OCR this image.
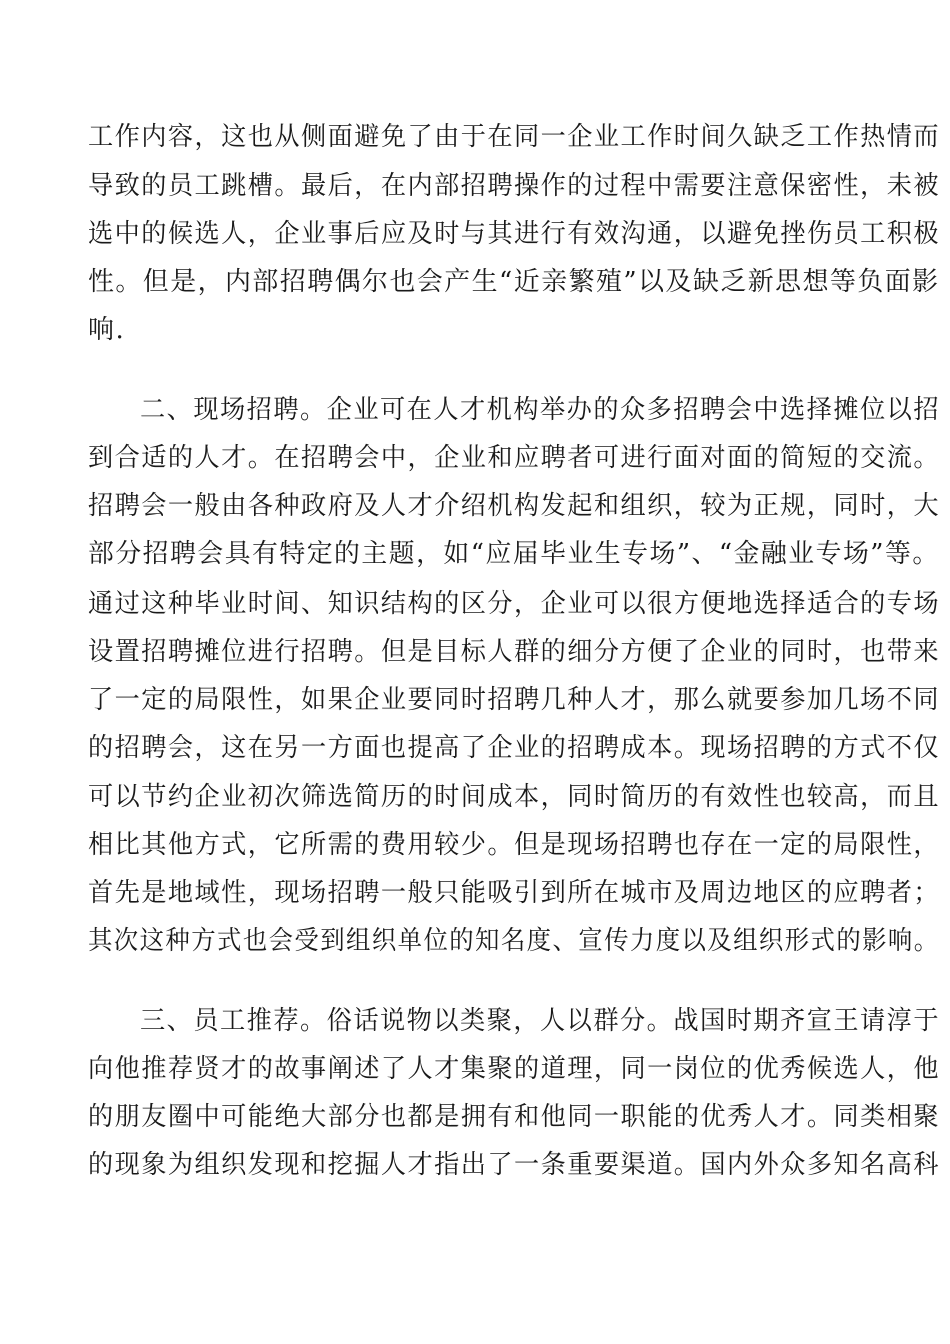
工作内容，这也从侧面避免了由于在同一企业工作时间久缺乏工作热情而
导致的员工跳槽。最后，在内部招聘操作的过程中需要注意保密性，未被
选中的候选人，企业事后应及时与其进行有效沟通，以避免挫伤员工积极
性。但是，内部招聘偶尔也会产生“近亲繁殖”以及缺乏新思想等负面影
响.
二、现场招聘。企业可在人才机构举办的众多招聘会中选择摊位以招
到合适的人才。在招聘会中，企业和应聘者可进行面对面的简短的交流。
招聘会一般由各种政府及人才介绍机构发起和组织，较为正规，同时，大
部分招聘会具有特定的主题，如“应届毕业生专场”、“金融业专场”等。
通过这种毕业时间、知识结构的区分，企业可以很方便地选择适合的专场
设置招聘摊位进行招聘。但是目标人群的细分方便了企业的同时，也带来
了一定的局限性，如果企业要同时招聘几种人才，那么就要参加几场不同
的招聘会，这在另一方面也提高了企业的招聘成本。现场招聘的方式不仅
可以节约企业初次筛选简历的时间成本，同时简历的有效性也较高，而且
相比其他方式，它所需的费用较少。但是现场招聘也存在一定的局限性，
首先是地域性，现场招聘一般只能吸引到所在城市及周边地区的应聘者；
其次这种方式也会受到组织单位的知名度、宣传力度以及组织形式的影响。
三、员工推荐。俗话说物以类聚，人以群分。战国时期齐宣王请淳于
向他推荐贤才的故事阐述了人才集聚的道理，同一岗位的优秀候选人，他
的朋友圈中可能绝大部分也都是拥有和他同一职能的优秀人才。同类相聚
的现象为组织发现和挖掘人才指出了一条重要渠道。国内外众多知名高科
